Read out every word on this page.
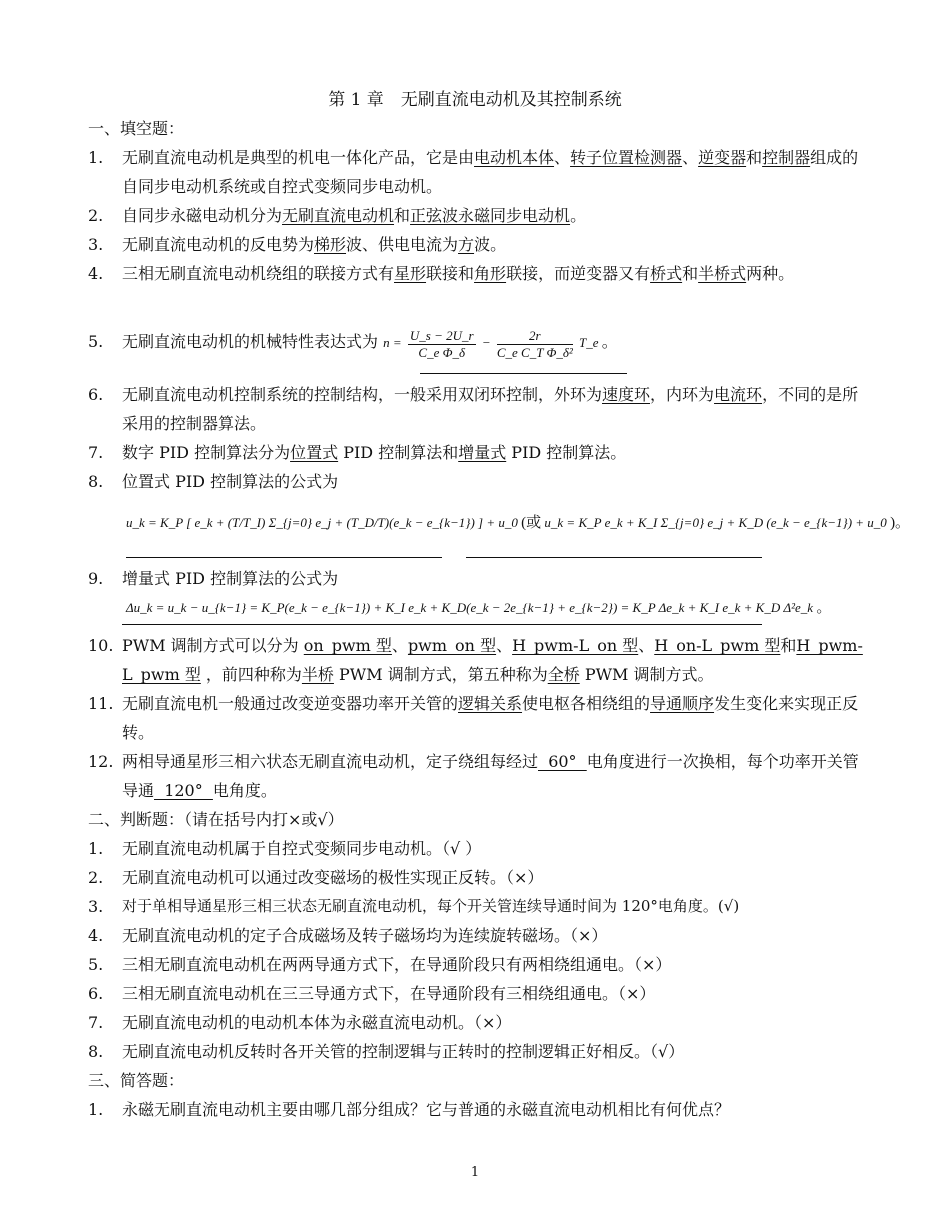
第 1 章　无刷直流电动机及其控制系统
一、填空题：
1.	无刷直流电动机是典型的机电一体化产品，它是由电动机本体、转子位置检测器、逆变器和控制器组成的自同步电动机系统或自控式变频同步电动机。
2.	自同步永磁电动机分为无刷直流电动机和正弦波永磁同步电动机。
3.	无刷直流电动机的反电势为梯形波、供电电流为方波。
4.	三相无刷直流电动机绕组的联接方式有星形联接和角形联接，而逆变器又有桥式和半桥式两种。
5.	无刷直流电动机的机械特性表达式为 $n = \frac{U\_s - 2U\_r}{\text{C\_e Φ\_δ}} - \frac{2r}{\text{C\_e C\_T Φ\_δ²}}$ T_e 。
6.	无刷直流电动机控制系统的控制结构，一般采用双闭环控制，外环为速度环，内环为电流环，不同的是所采用的控制器算法。
7.	数字 PID 控制算法分为位置式 PID 控制算法和增量式 PID 控制算法。
8.	位置式 PID 控制算法的公式为
u_k = K_P [ e_k + (T/T_I) Σ_{j=0} e_j + (T_D/T)(e_k − e_{k−1}) ] + u_0 (或 u_k = K_P e_k + K_I Σ_{j=0} e_j + K_D (e_k − e_{k−1}) + u_0 )。
9.	增量式 PID 控制算法的公式为
Δu_k = u_k − u_{k−1} = K_P(e_k − e_{k−1}) + K_I e_k + K_D(e_k − 2e_{k−1} + e_{k−2}) = K_P Δe_k + K_I e_k + K_D Δ²e_k 。
10. PWM 调制方式可以分为 on_pwm 型、pwm_on 型、H_pwm-L_on 型、H_on-L_pwm 型和H_pwm-L_pwm 型 ，前四种称为半桥 PWM 调制方式，第五种称为全桥 PWM 调制方式。
11. 无刷直流电机一般通过改变逆变器功率开关管的逻辑关系使电枢各相绕组的导通顺序发生变化来实现正反转。
12. 两相导通星形三相六状态无刷直流电动机，定子绕组每经过  60°  电角度进行一次换相，每个功率开关管导通  120°  电角度。
二、判断题：（请在括号内打×或√）
1.	无刷直流电动机属于自控式变频同步电动机。（√ ）
2.	无刷直流电动机可以通过改变磁场的极性实现正反转。（×）
3.	对于单相导通星形三相三状态无刷直流电动机，每个开关管连续导通时间为 120°电角度。(√)
4.	无刷直流电动机的定子合成磁场及转子磁场均为连续旋转磁场。（×）
5.	三相无刷直流电动机在两两导通方式下，在导通阶段只有两相绕组通电。（×）
6.	三相无刷直流电动机在三三导通方式下，在导通阶段有三相绕组通电。（×）
7.	无刷直流电动机的电动机本体为永磁直流电动机。（×）
8.	无刷直流电动机反转时各开关管的控制逻辑与正转时的控制逻辑正好相反。（√）
三、简答题：
1.	永磁无刷直流电动机主要由哪几部分组成？它与普通的永磁直流电动机相比有何优点？
1
